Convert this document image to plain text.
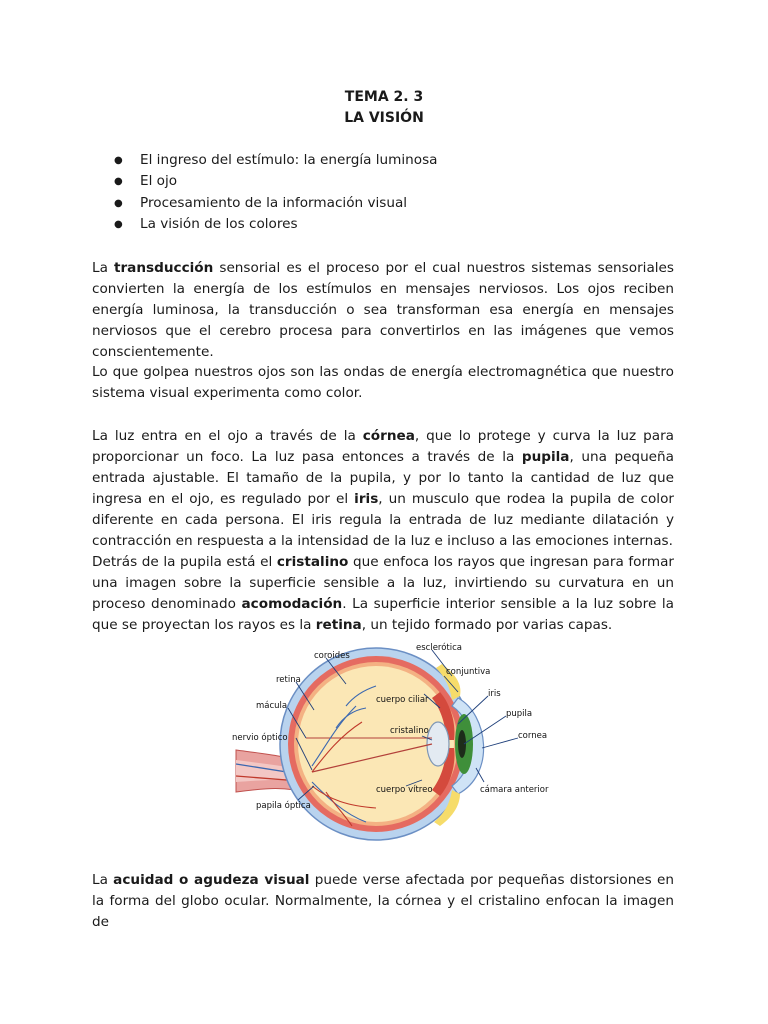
TEMA 2. 3
LA VISIÓN
● El ingreso del estímulo: la energía luminosa
● El ojo
● Procesamiento de la información visual
● La visión de los colores

La transducción sensorial es el proceso por el cual nuestros sistemas sensoriales convierten la energía de los estímulos en mensajes nerviosos. Los ojos reciben energía luminosa, la transducción o sea transforman esa energía en mensajes nerviosos que el cerebro procesa para convertirlos en las imágenes que vemos conscientemente.

Lo que golpea nuestros ojos son las ondas de energía electromagnética que nuestro sistema visual experimenta como color.

La luz entra en el ojo a través de la córnea, que lo protege y curva la luz para proporcionar un foco. La luz pasa entonces a través de la pupila, una pequeña entrada ajustable. El tamaño de la pupila, y por lo tanto la cantidad de luz que ingresa en el ojo, es regulado por el iris, un musculo que rodea la pupila de color diferente en cada persona. El iris regula la entrada de luz mediante dilatación y contracción en respuesta a la intensidad de la luz e incluso a las emociones internas.

Detrás de la pupila está el cristalino que enfoca los rayos que ingresan para formar una imagen sobre la superficie sensible a la luz, invirtiendo su curvatura en un proceso denominado acomodación. La superficie interior sensible a la luz sobre la que se proyectan los rayos es la retina, un tejido formado por varias capas.

coroides
esclerótica
conjuntiva
retina
iris
cuerpo ciliar
mácula
pupila
cristalino	cornea
nervio óptico
cuerpo vítreo	cámara anterior
papila óptica

La acuidad o agudeza visual puede verse afectada por pequeñas distorsiones en la forma del globo ocular. Normalmente, la córnea y el cristalino enfocan la imagen de
